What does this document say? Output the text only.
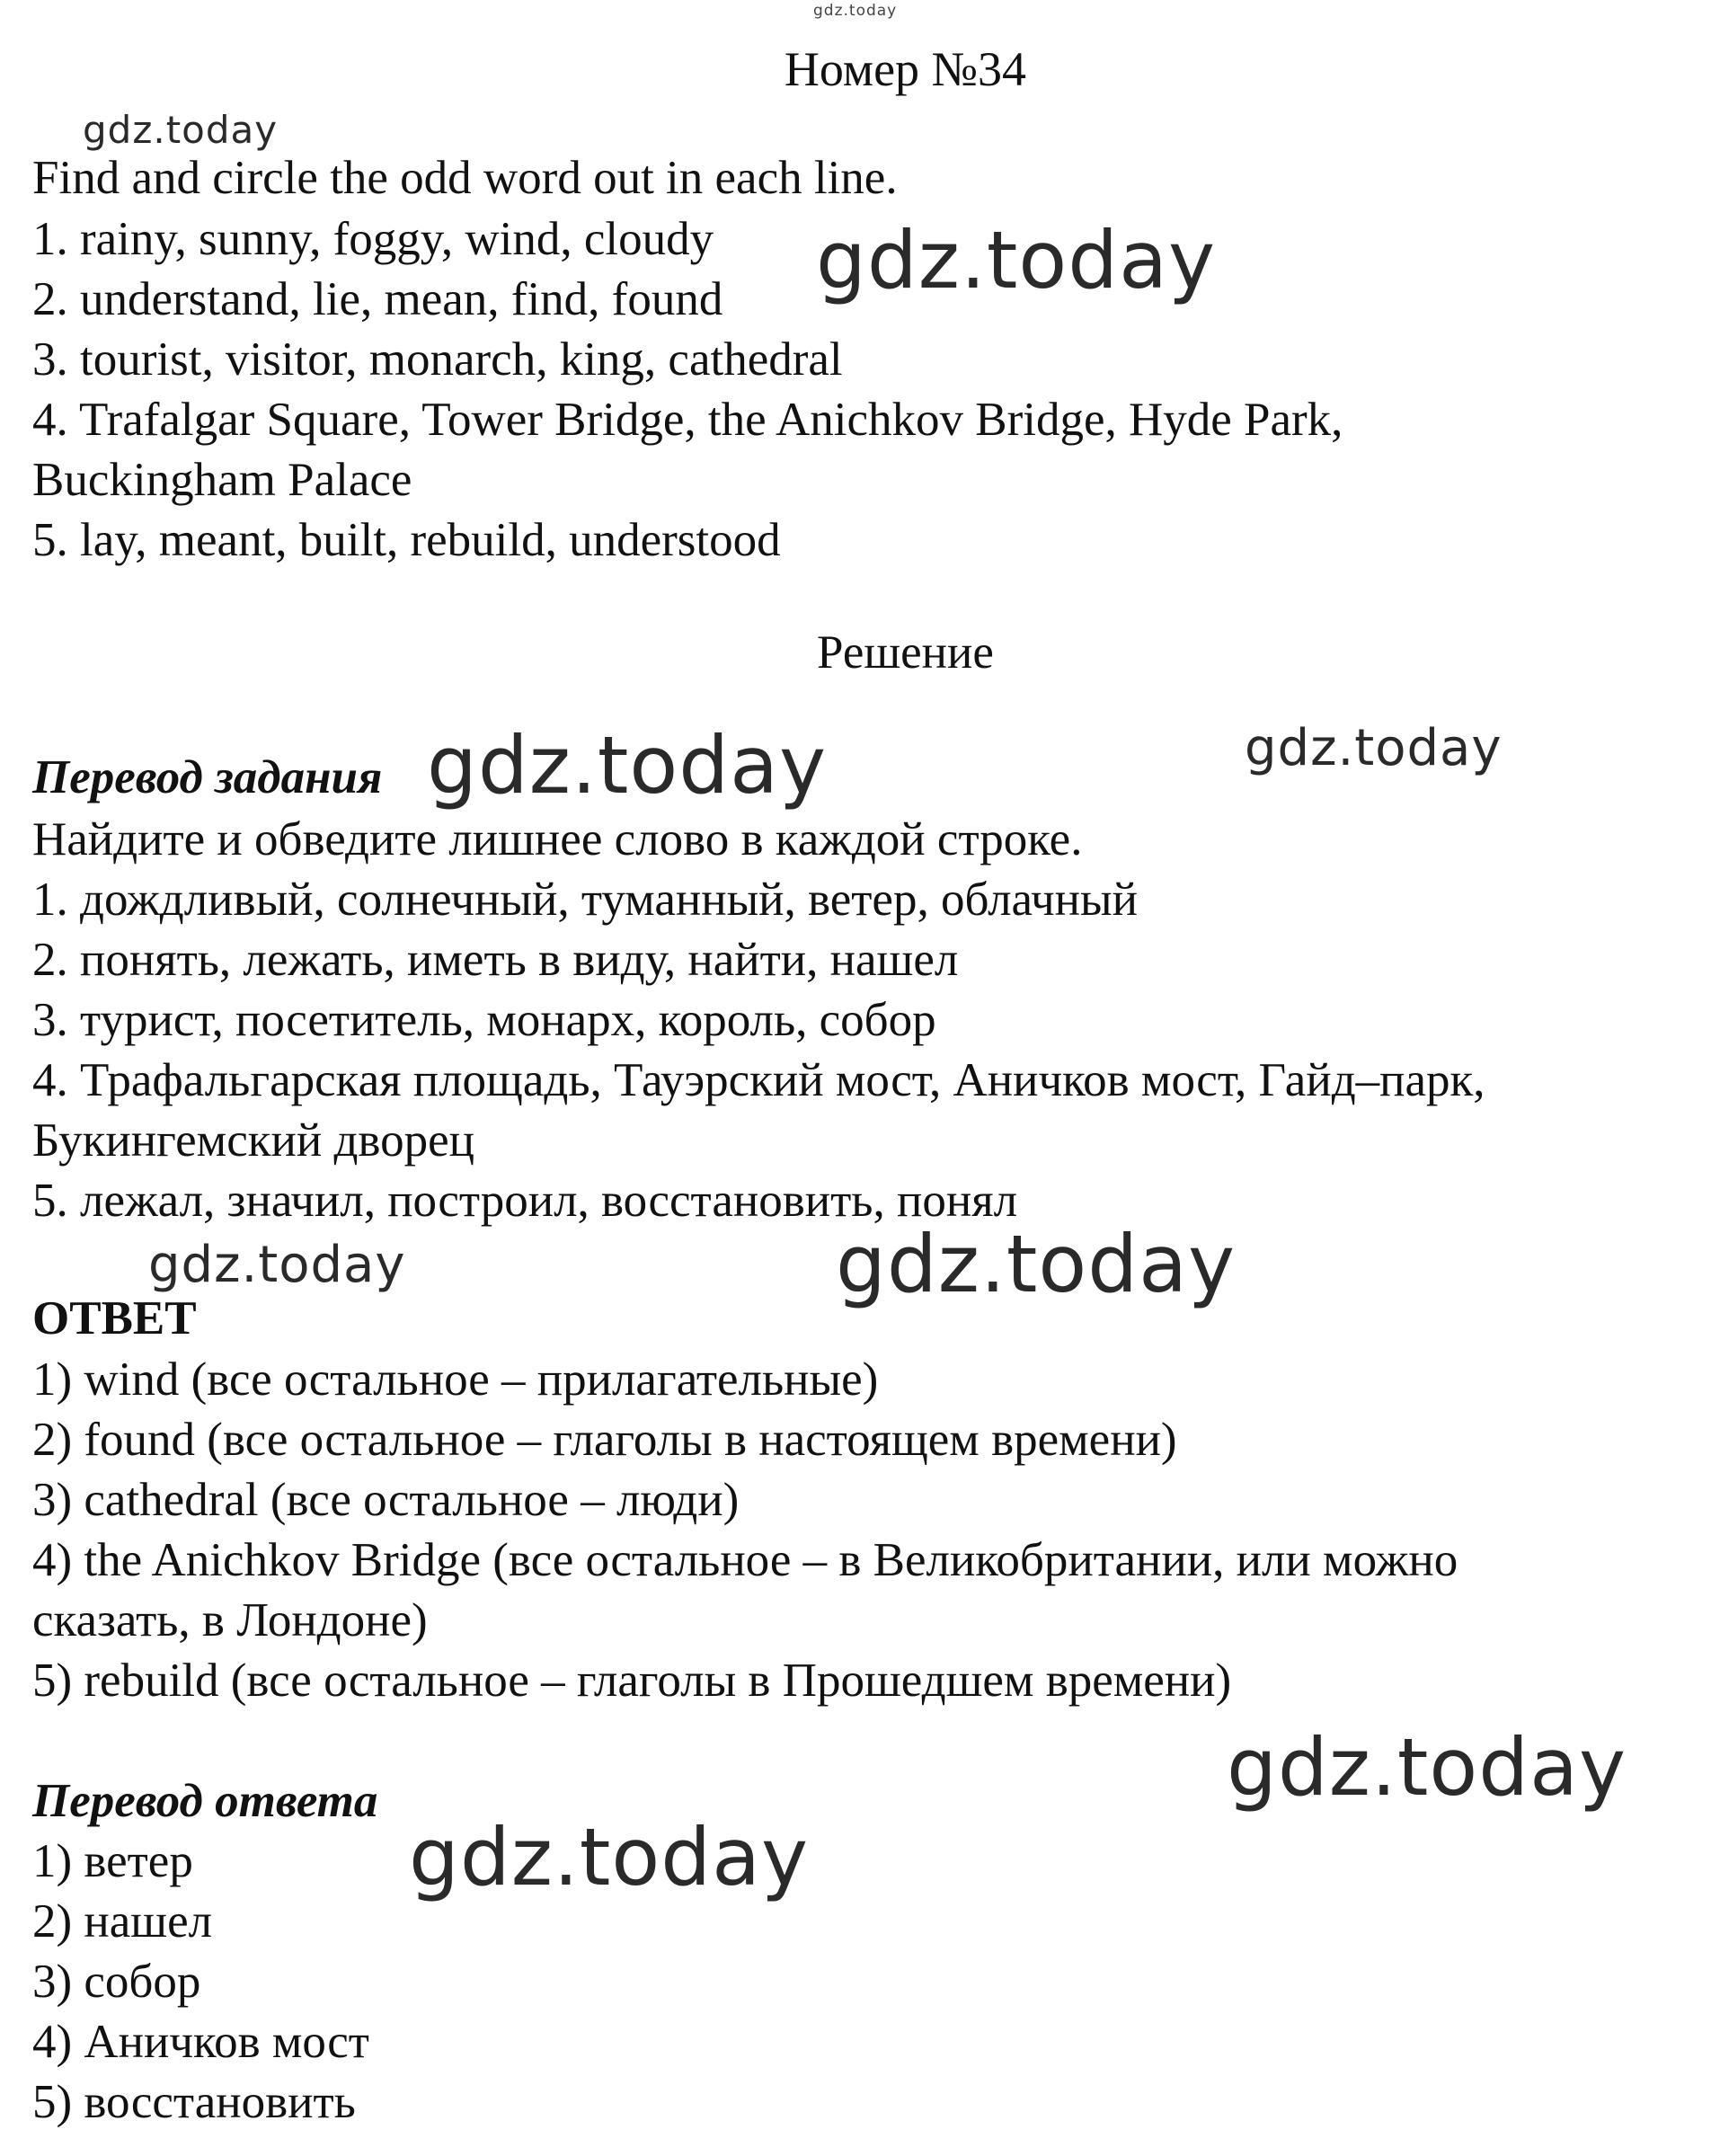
gdz.today
Номер №34
gdz.today
Find and circle the odd word out in each line.
1. rainy, sunny, foggy, wind, cloudy
2. understand, lie, mean, find, found
3. tourist, visitor, monarch, king, cathedral
4. Trafalgar Square, Tower Bridge, the Anichkov Bridge, Hyde Park,
Buckingham Palace
5. lay, meant, built, rebuild, understood
gdz.today
Решение
Перевод задания gdz.today	gdz.today
Найдите и обведите лишнее слово в каждой строке.
1. дождливый, солнечный, туманный, ветер, облачный
2. понять, лежать, иметь в виду, найти, нашел
3. турист, посетитель, монарх, король, собор
4. Трафальгарская площадь, Тауэрский мост, Аничков мост, Гайд–парк,
Букингемский дворец
5. лежал, значил, построил, восстановить, понял
gdz.today	gdz.today
ОТВЕТ
1) wind (все остальное – прилагательные)
2) found (все остальное – глаголы в настоящем времени)
3) cathedral (все остальное – люди)
4) the Anichkov Bridge (все остальное – в Великобритании, или можно
сказать, в Лондоне)
5) rebuild (все остальное – глаголы в Прошедшем времени)
gdz.today
Перевод ответа
gdz.today
1) ветер
2) нашел
3) собор
4) Аничков мост
5) восстановить
